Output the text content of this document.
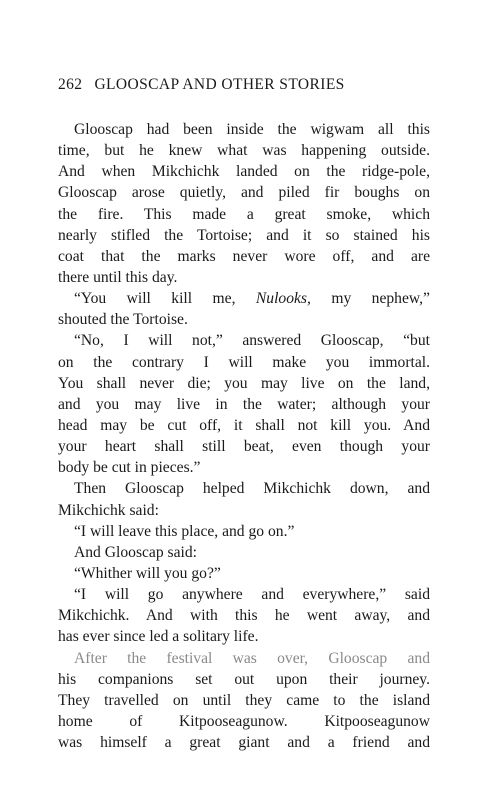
262 GLOOSCAP AND OTHER STORIES
Glooscap had been inside the wigwam all this
time, but he knew what was happening outside.
And when Mikchichk landed on the ridge-pole,
Glooscap arose quietly, and piled fir boughs on
the fire. This made a great smoke, which
nearly stifled the Tortoise; and it so stained his
coat that the marks never wore off, and are
there until this day.
“You will kill me, Nulooks, my nephew,”
shouted the Tortoise.
“No, I will not,” answered Glooscap, “but
on the contrary I will make you immortal.
You shall never die; you may live on the land,
and you may live in the water; although your
head may be cut off, it shall not kill you. And
your heart shall still beat, even though your
body be cut in pieces.”
Then Glooscap helped Mikchichk down, and
Mikchichk said:
“I will leave this place, and go on.”
And Glooscap said:
“Whither will you go?”
“I will go anywhere and everywhere,” said
Mikchichk. And with this he went away, and
has ever since led a solitary life.
After the festival was over, Glooscap and
his companions set out upon their journey.
They travelled on until they came to the island
home of Kitpooseagunow. Kitpooseagunow
was himself a great giant and a friend and
